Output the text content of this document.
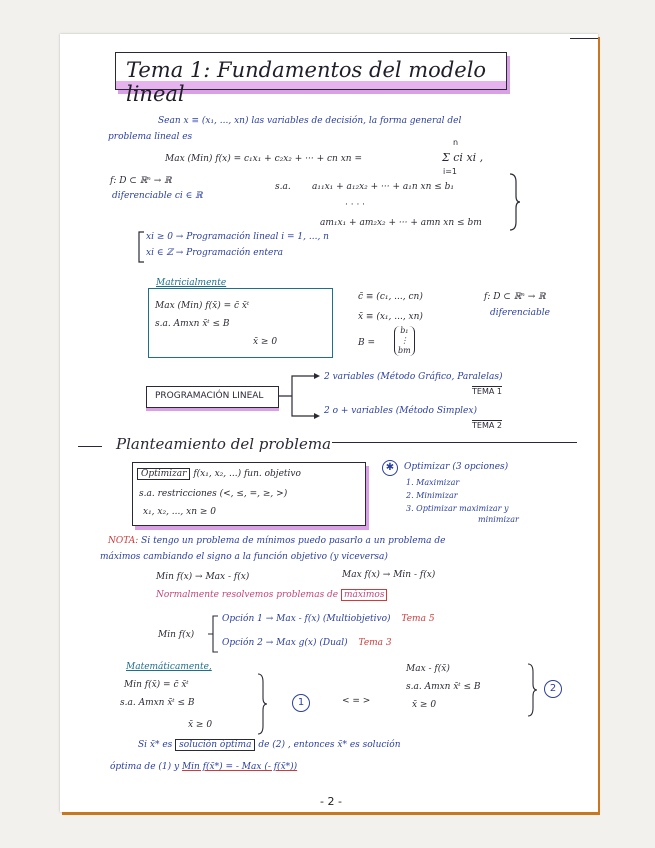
Tema 1: Fundamentos del modelo lineal
Sean x ≡ (x₁, ..., xn) las variables de decisión, la forma general del
problema lineal es
Max (Min) f(x) = c₁x₁ + c₂x₂ + ··· + cn xn =
n
Σ ci xi ,
i=1
f: D ⊂ ℝⁿ → ℝ
diferenciable ci ∈ ℝ
s.a. a₁₁x₁ + a₁₂x₂ + ··· + a₁n xn ≤ b₁
· · · ·
am₁x₁ + am₂x₂ + ··· + amn xn ≤ bm
xi ≥ 0 → Programación lineal i = 1, ..., n
xi ∈ ℤ → Programación entera
Matricialmente
Max (Min) f(x̄) = c̄ x̄ᵗ
s.a. Amxn x̄ᵗ ≤ B
x̄ ≥ 0
c̄ ≡ (c₁, ..., cn)
x̄ ≡ (x₁, ..., xn)
B =
b₁
⋮
bm
f: D ⊂ ℝⁿ → ℝ
diferenciable
PROGRAMACIÓN LINEAL
2 variables (Método Gráfico, Paralelas)
TEMA 1
2 o + variables (Método Simplex)
TEMA 2
Planteamiento del problema
Optimizar f(x₁, x₂, ...) fun. objetivo
s.a. restricciones (<, ≤, =, ≥, >)
x₁, x₂, ..., xn ≥ 0
✱	Optimizar (3 opciones)
1. Maximizar
2. Minimizar
3. Optimizar maximizar y
minimizar
NOTA: Si tengo un problema de mínimos puedo pasarlo a un problema de
máximos cambiando el signo a la función objetivo (y viceversa)
Min f(x) → Max - f(x)	Max f(x) → Min - f(x)
Normalmente resolvemos problemas de máximos
Min f(x)
Opción 1 → Max - f(x) (Multiobjetivo) Tema 5
Opción 2 → Max g(x) (Dual) Tema 3
Matemáticamente,
Min f(x̄) = c̄ x̄ᵗ
s.a. Amxn x̄ᵗ ≤ B
x̄ ≥ 0
1	< = >
Max - f(x̄)
s.a. Amxn x̄ᵗ ≤ B
x̄ ≥ 0
2
Si x̄* es solución óptima de (2) , entonces x̄* es solución
óptima de (1) y Min f(x̄*) = - Max (- f(x̄*))
- 2 -
